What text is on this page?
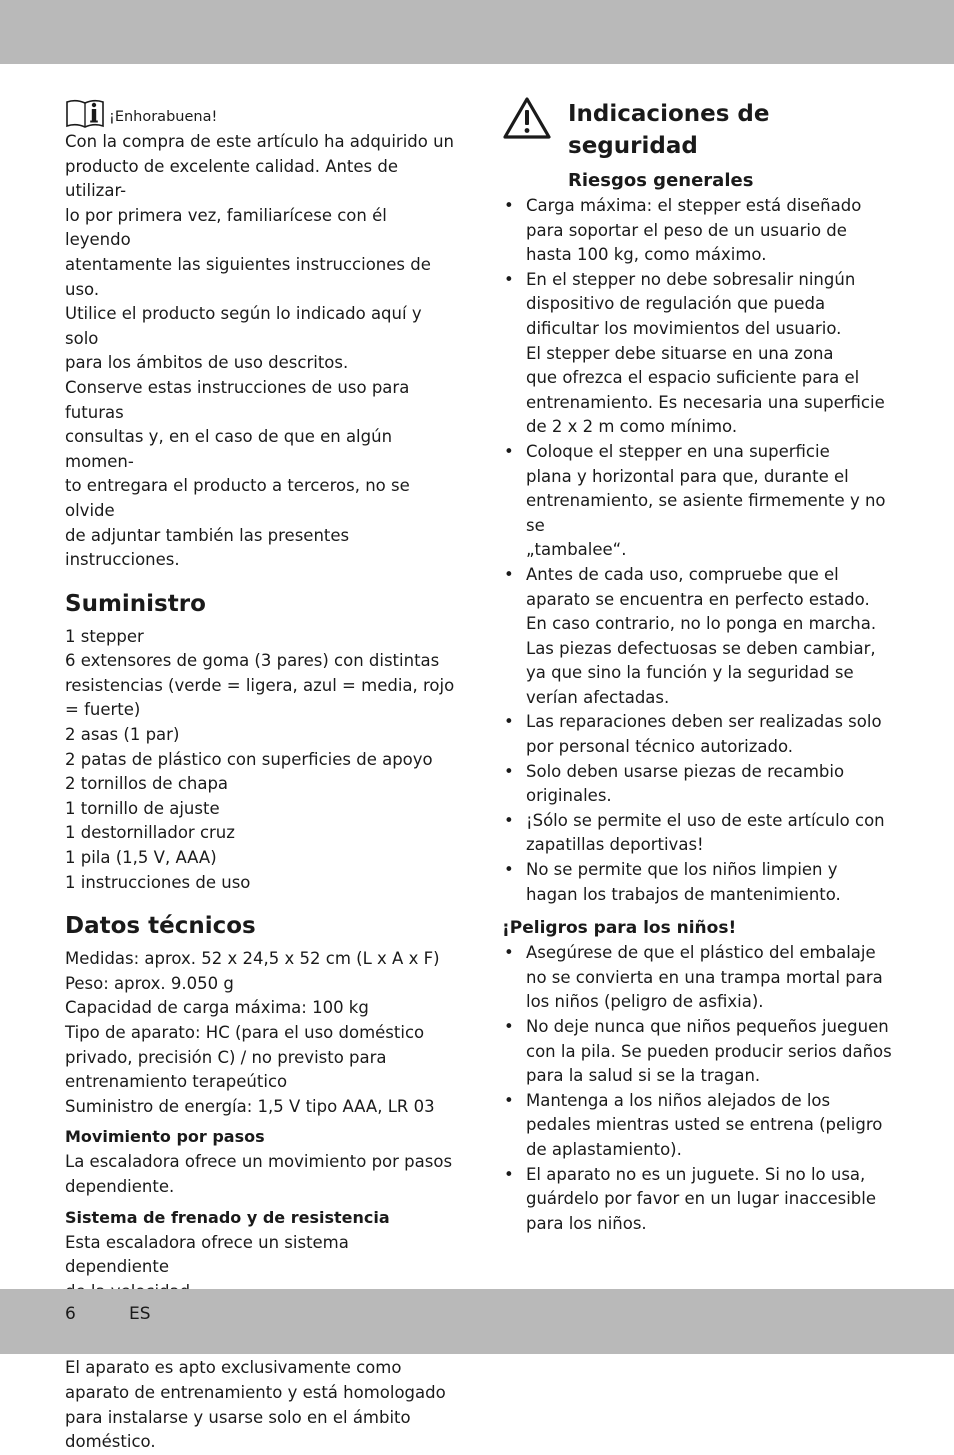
¡Enhorabuena!

Con la compra de este artículo ha adquirido un
producto de excelente calidad. Antes de utilizar-
lo por primera vez, familiarícese con él leyendo
atentamente las siguientes instrucciones de uso.
Utilice el producto según lo indicado aquí y solo
para los ámbitos de uso descritos.
Conserve estas instrucciones de uso para futuras
consultas y, en el caso de que en algún momen-
to entregara el producto a terceros, no se olvide
de adjuntar también las presentes instrucciones.

Suministro

1 stepper
6 extensores de goma (3 pares) con distintas
resistencias (verde = ligera, azul = media, rojo
= fuerte)
2 asas (1 par)
2 patas de plástico con superficies de apoyo
2 tornillos de chapa
1 tornillo de ajuste
1 destornillador cruz
1 pila (1,5 V, AAA)
1 instrucciones de uso

Datos técnicos

Medidas: aprox. 52 x 24,5 x 52 cm (L x A x F)
Peso: aprox. 9.050 g
Capacidad de carga máxima: 100 kg
Tipo de aparato: HC (para el uso doméstico
privado, precisión C) / no previsto para
entrenamiento terapeútico
Suministro de energía: 1,5 V tipo AAA, LR 03

Movimiento por pasos

La escaladora ofrece un movimiento por pasos
dependiente.

Sistema de frenado y de resistencia

Esta escaladora ofrece un sistema dependiente

El aparato es apto exclusivamente como
aparato de entrenamiento y está homologado
para instalarse y usarse solo en el ámbito
doméstico.

Indicaciones de
seguridad

Riesgos generales
• Carga máxima: el stepper está diseñado
para soportar el peso de un usuario de
hasta 100 kg, como máximo.
• En el stepper no debe sobresalir ningún
dispositivo de regulación que pueda
dificultar los movimientos del usuario.
El stepper debe situarse en una zona
que ofrezca el espacio suficiente para el
entrenamiento. Es necesaria una superficie
de 2 x 2 m como mínimo.
• Coloque el stepper en una superficie
plana y horizontal para que, durante el
entrenamiento, se asiente firmemente y no se
„tambalee“.
• Antes de cada uso, compruebe que el
aparato se encuentra en perfecto estado.
En caso contrario, no lo ponga en marcha.
Las piezas defectuosas se deben cambiar,
ya que sino la función y la seguridad se
verían afectadas.
• Las reparaciones deben ser realizadas solo
por personal técnico autorizado.
• Solo deben usarse piezas de recambio
originales.
• ¡Sólo se permite el uso de este artículo con
zapatillas deportivas!
• No se permite que los niños limpien y
hagan los trabajos de mantenimiento.
¡Peligros para los niños!
• Asegúrese de que el plástico del embalaje
no se convierta en una trampa mortal para
los niños (peligro de asfixia).
• No deje nunca que niños pequeños jueguen
con la pila. Se pueden producir serios daños
para la salud si se la tragan.
• Mantenga a los niños alejados de los
pedales mientras usted se entrena (peligro
de aplastamiento).
• El aparato no es un juguete. Si no lo usa,
guárdelo por favor en un lugar inaccesible
para los niños.
6	ES
